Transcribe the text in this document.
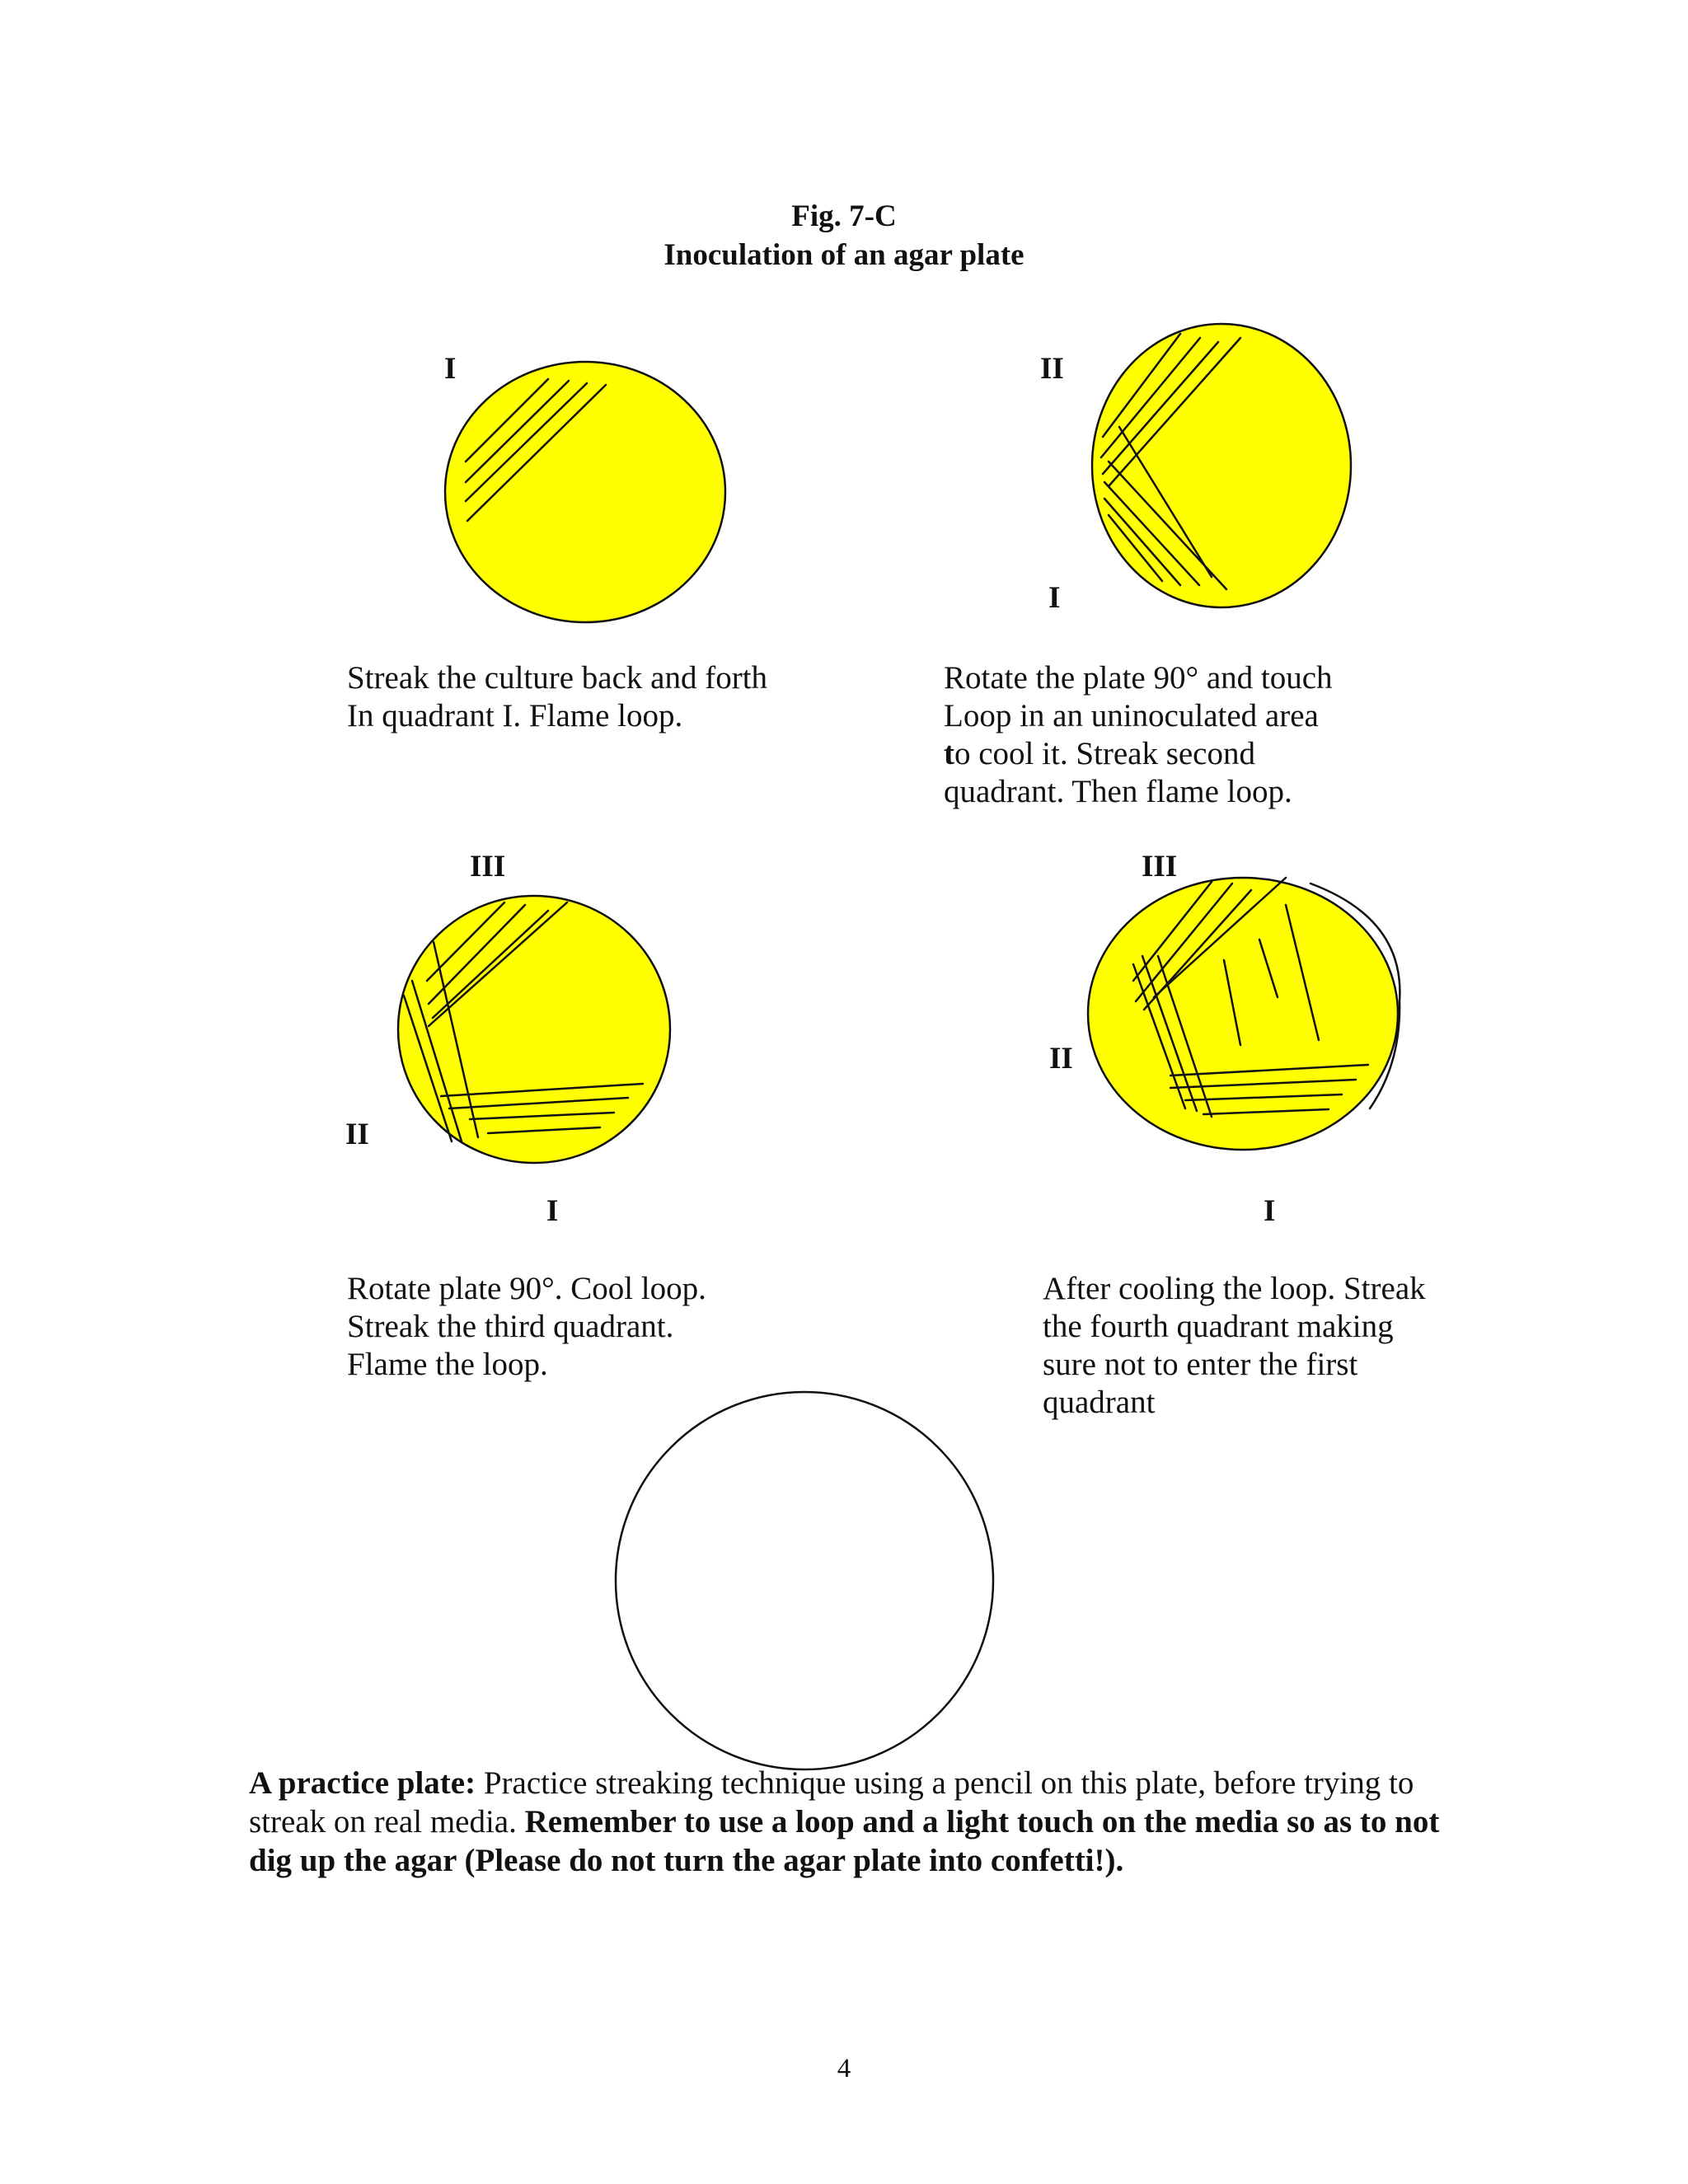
Fig. 7-C
Inoculation of an agar plate
I	II
I
III
II
I
III
II
I
Streak the culture back and forth
In quadrant I. Flame loop.
Rotate the plate 90° and touch
Loop in an uninoculated area
to cool it. Streak second
quadrant. Then flame loop.
Rotate plate 90°. Cool loop.
Streak the third quadrant.
Flame the loop.
After cooling the loop. Streak
the fourth quadrant making
sure not to enter the first
quadrant
A practice plate: Practice streaking technique using a pencil on this plate, before trying to streak on real media. Remember to use a loop and a light touch on the media so as to not dig up the agar (Please do not turn the agar plate into confetti!).
4
